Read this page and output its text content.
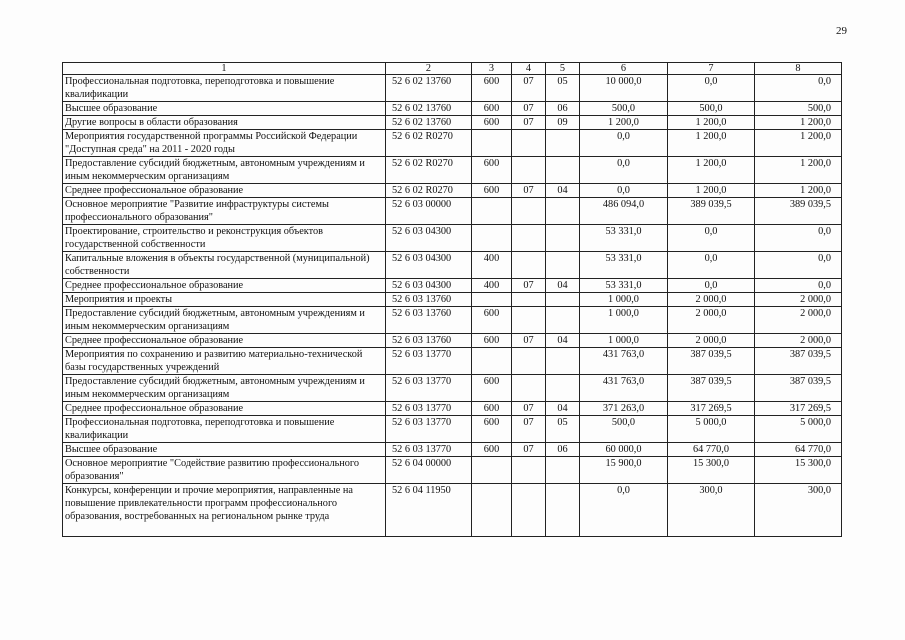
29
1	2	3	4	5	6	7	8
Профессиональная подготовка, переподготовка и повышение квалификации	52 6 02 13760	600	07	05	10 000,0	0,0	0,0
Высшее образование	52 6 02 13760	600	07	06	500,0	500,0	500,0
Другие вопросы в области образования	52 6 02 13760	600	07	09	1 200,0	1 200,0	1 200,0
Мероприятия государственной программы Российской Федерации "Доступная среда" на 2011 - 2020 годы	52 6 02 R0270				0,0	1 200,0	1 200,0
Предоставление субсидий бюджетным, автономным учреждениям и иным некоммерческим организациям	52 6 02 R0270	600			0,0	1 200,0	1 200,0
Среднее профессиональное образование	52 6 02 R0270	600	07	04	0,0	1 200,0	1 200,0
Основное мероприятие "Развитие инфраструктуры системы профессионального образования"	52 6 03 00000				486 094,0	389 039,5	389 039,5
Проектирование, строительство и реконструкция объектов государственной собственности	52 6 03 04300				53 331,0	0,0	0,0
Капитальные вложения в объекты государственной (муниципальной) собственности	52 6 03 04300	400			53 331,0	0,0	0,0
Среднее профессиональное образование	52 6 03 04300	400	07	04	53 331,0	0,0	0,0
Мероприятия и проекты	52 6 03 13760				1 000,0	2 000,0	2 000,0
Предоставление субсидий бюджетным, автономным учреждениям и иным некоммерческим организациям	52 6 03 13760	600			1 000,0	2 000,0	2 000,0
Среднее профессиональное образование	52 6 03 13760	600	07	04	1 000,0	2 000,0	2 000,0
Мероприятия по сохранению и развитию материально-технической базы государственных учреждений	52 6 03 13770				431 763,0	387 039,5	387 039,5
Предоставление субсидий бюджетным, автономным учреждениям и иным некоммерческим организациям	52 6 03 13770	600			431 763,0	387 039,5	387 039,5
Среднее профессиональное образование	52 6 03 13770	600	07	04	371 263,0	317 269,5	317 269,5
Профессиональная подготовка, переподготовка и повышение квалификации	52 6 03 13770	600	07	05	500,0	5 000,0	5 000,0
Высшее образование	52 6 03 13770	600	07	06	60 000,0	64 770,0	64 770,0
Основное мероприятие "Содействие развитию профессионального образования"	52 6 04 00000				15 900,0	15 300,0	15 300,0
Конкурсы, конференции и прочие мероприятия, направленные на повышение привлекательности программ профессионального образования, востребованных на региональном рынке труда	52 6 04 11950				0,0	300,0	300,0
